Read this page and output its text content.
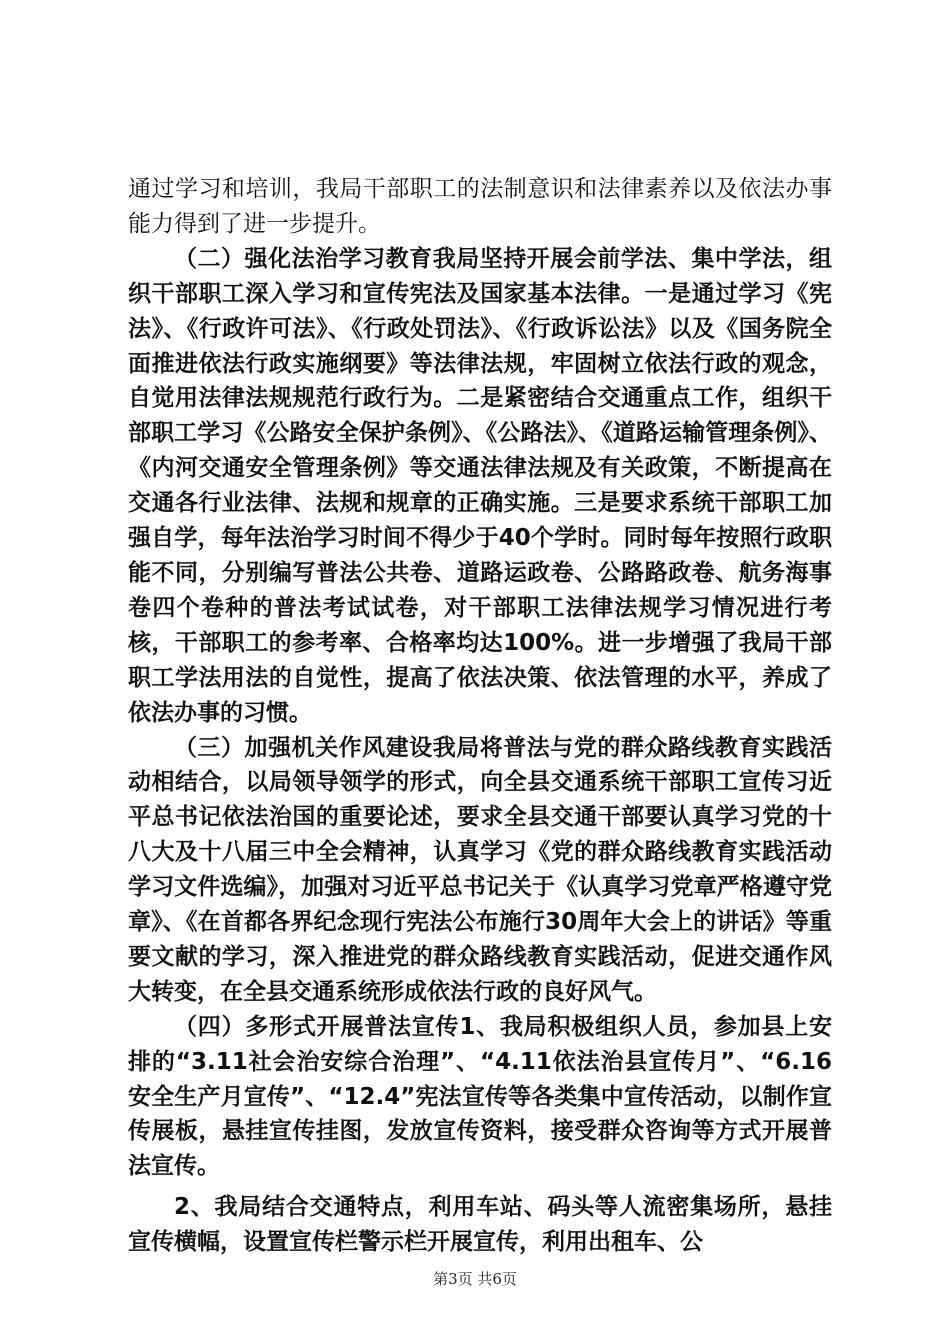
通过学习和培训，我局干部职工的法制意识和法律素养以及依法办事能力得到了进一步提升。

（二）强化法治学习教育我局坚持开展会前学法、集中学法，组织干部职工深入学习和宣传宪法及国家基本法律。一是通过学习《宪法》、《行政许可法》、《行政处罚法》、《行政诉讼法》以及《国务院全面推进依法行政实施纲要》等法律法规，牢固树立依法行政的观念，自觉用法律法规规范行政行为。二是紧密结合交通重点工作，组织干部职工学习《公路安全保护条例》、《公路法》、《道路运输管理条例》、《内河交通安全管理条例》等交通法律法规及有关政策，不断提高在交通各行业法律、法规和规章的正确实施。三是要求系统干部职工加强自学，每年法治学习时间不得少于40个学时。同时每年按照行政职能不同，分别编写普法公共卷、道路运政卷、公路路政卷、航务海事卷四个卷种的普法考试试卷，对干部职工法律法规学习情况进行考核，干部职工的参考率、合格率均达100%。进一步增强了我局干部职工学法用法的自觉性，提高了依法决策、依法管理的水平，养成了依法办事的习惯。

（三）加强机关作风建设我局将普法与党的群众路线教育实践活动相结合，以局领导领学的形式，向全县交通系统干部职工宣传习近平总书记依法治国的重要论述，要求全县交通干部要认真学习党的十八大及十八届三中全会精神，认真学习《党的群众路线教育实践活动学习文件选编》，加强对习近平总书记关于《认真学习党章严格遵守党章》、《在首都各界纪念现行宪法公布施行30周年大会上的讲话》等重要文献的学习，深入推进党的群众路线教育实践活动，促进交通作风大转变，在全县交通系统形成依法行政的良好风气。

（四）多形式开展普法宣传1、我局积极组织人员，参加县上安排的“3.11社会治安综合治理”、“4.11依法治县宣传月”、“6.16安全生产月宣传”、“12.4”宪法宣传等各类集中宣传活动，以制作宣传展板，悬挂宣传挂图，发放宣传资料，接受群众咨询等方式开展普法宣传。

2、我局结合交通特点，利用车站、码头等人流密集场所，悬挂宣传横幅，设置宣传栏警示栏开展宣传，利用出租车、公

第3页 共6页
